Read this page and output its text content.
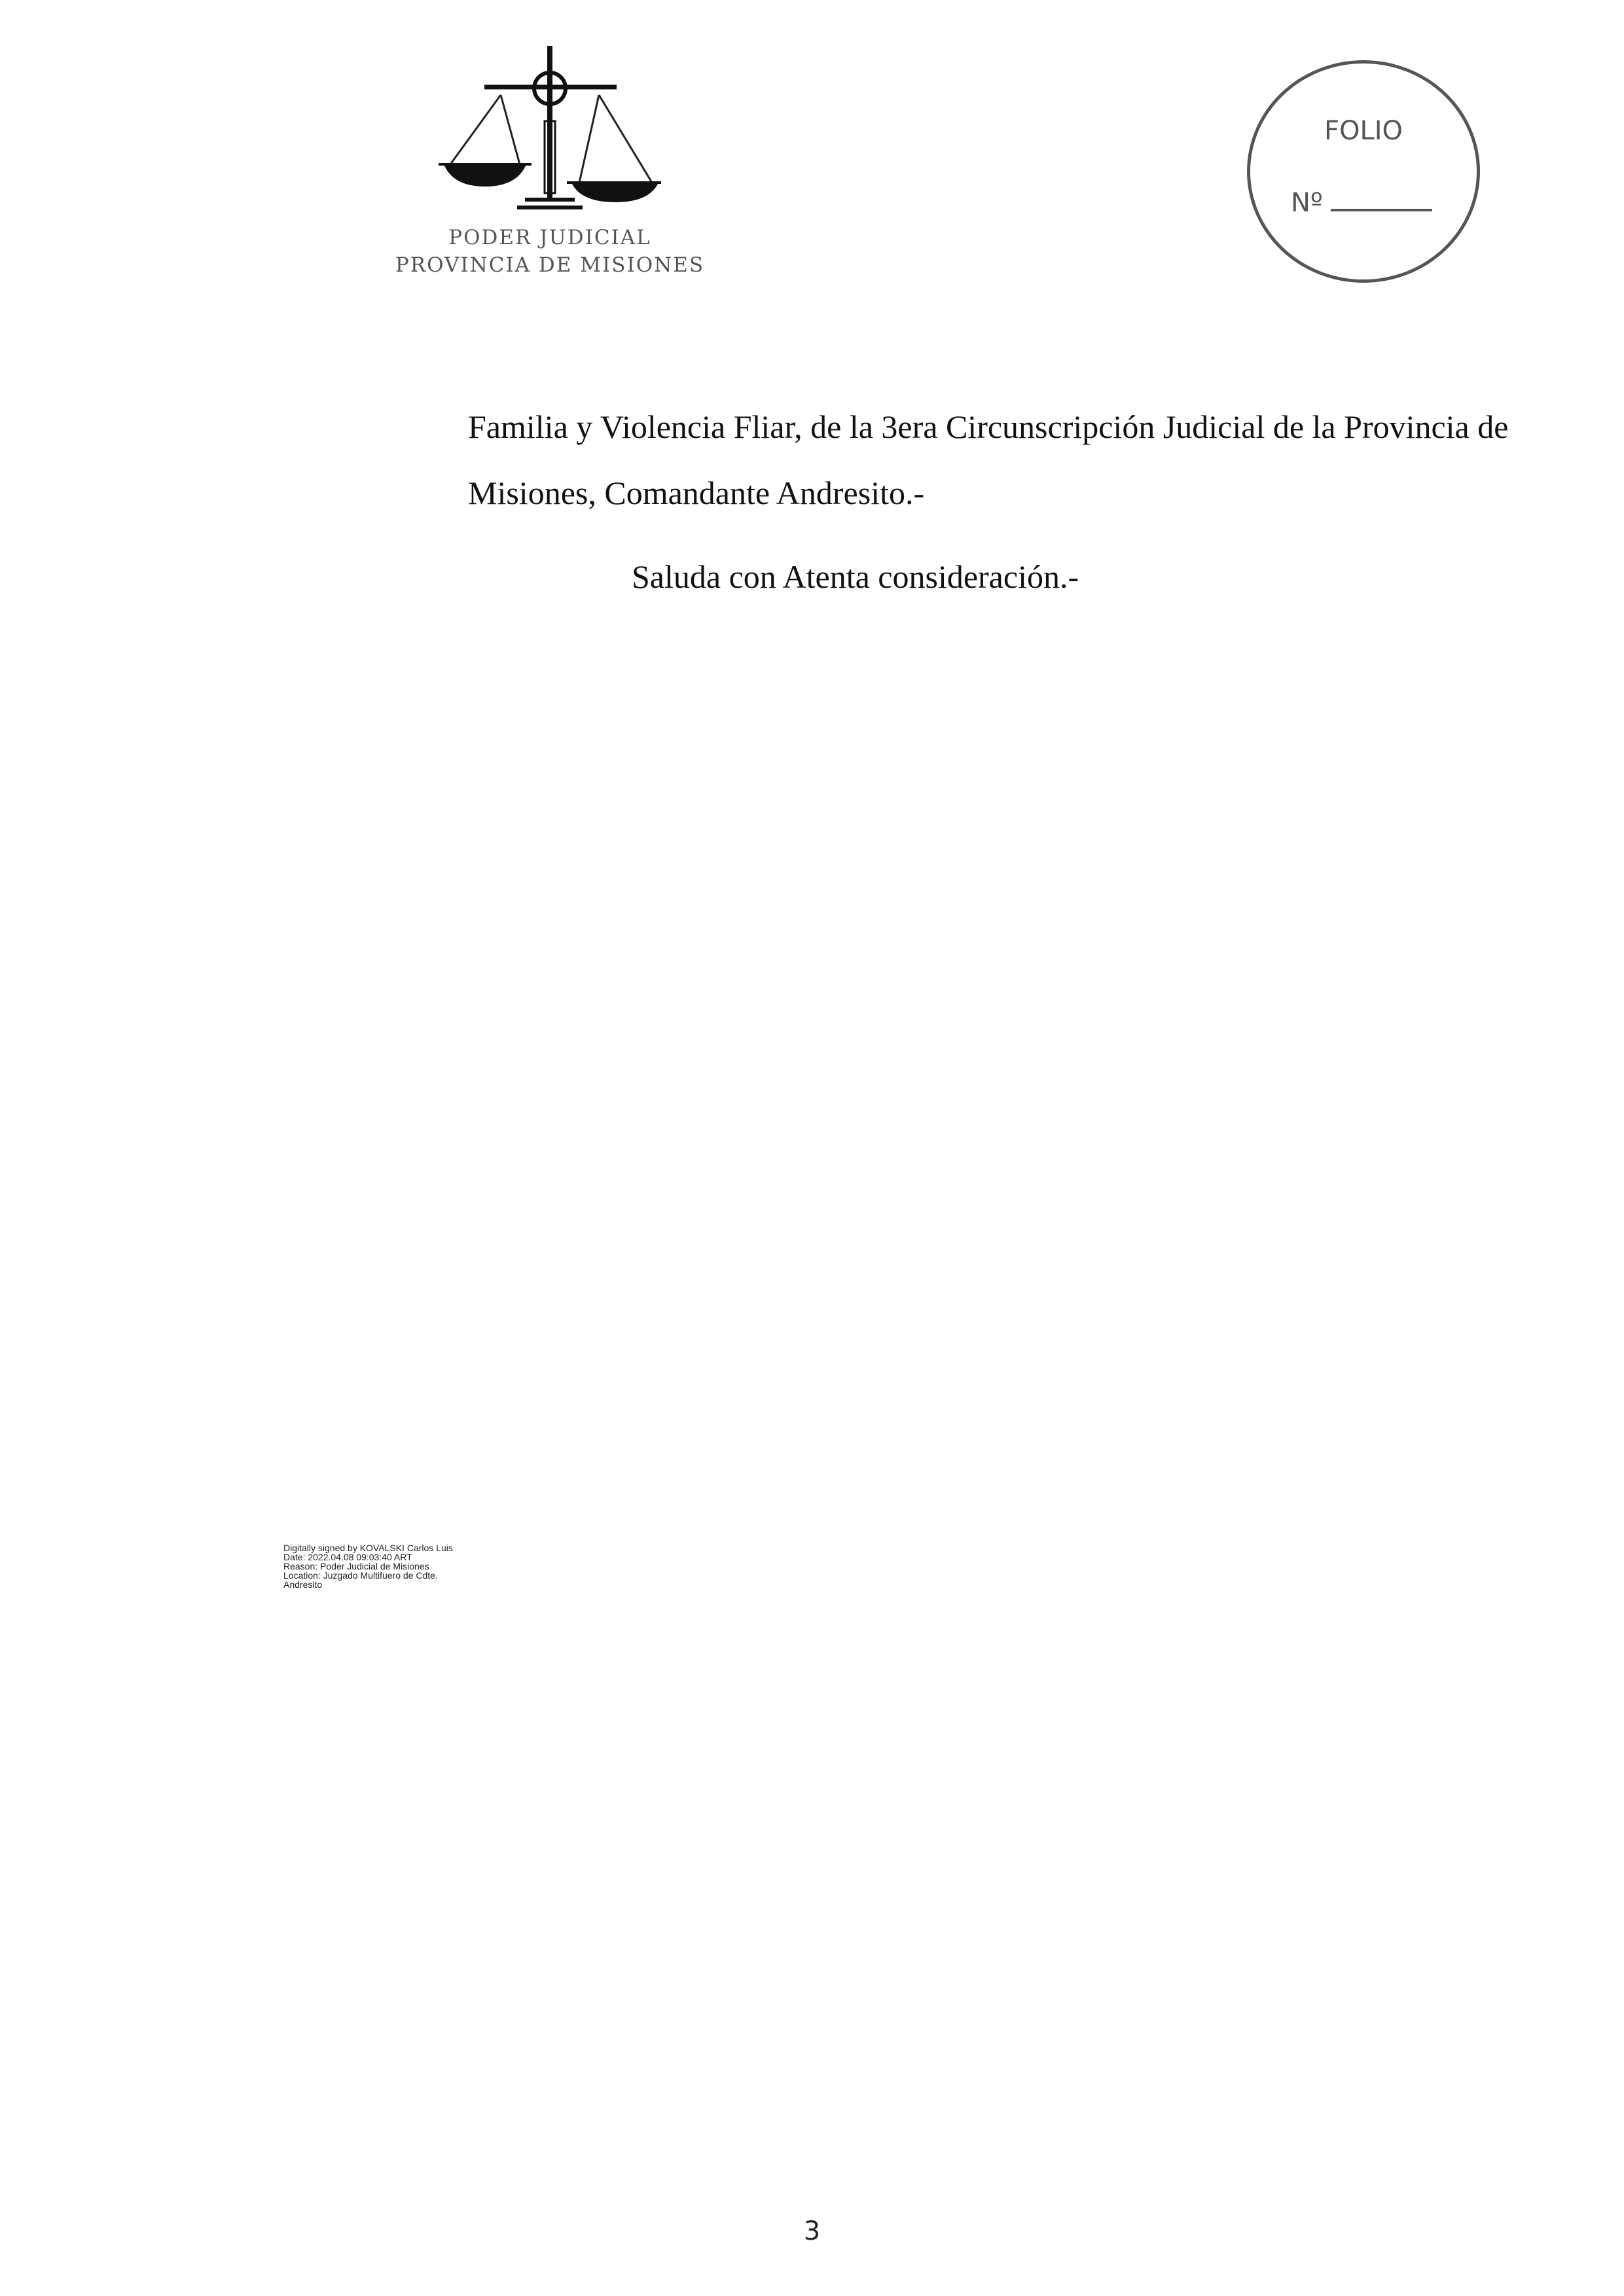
PODER JUDICIAL
PROVINCIA DE MISIONES
FOLIO
Nº
Familia y Violencia Fliar, de la 3era Circunscripción Judicial de la Provincia de Misiones, Comandante Andresito.-
Saluda con Atenta consideración.-
Digitally signed by KOVALSKI Carlos Luis
Date: 2022.04.08 09:03:40 ART
Reason: Poder Judicial de Misiones
Location: Juzgado Multifuero de Cdte.
Andresito
3
